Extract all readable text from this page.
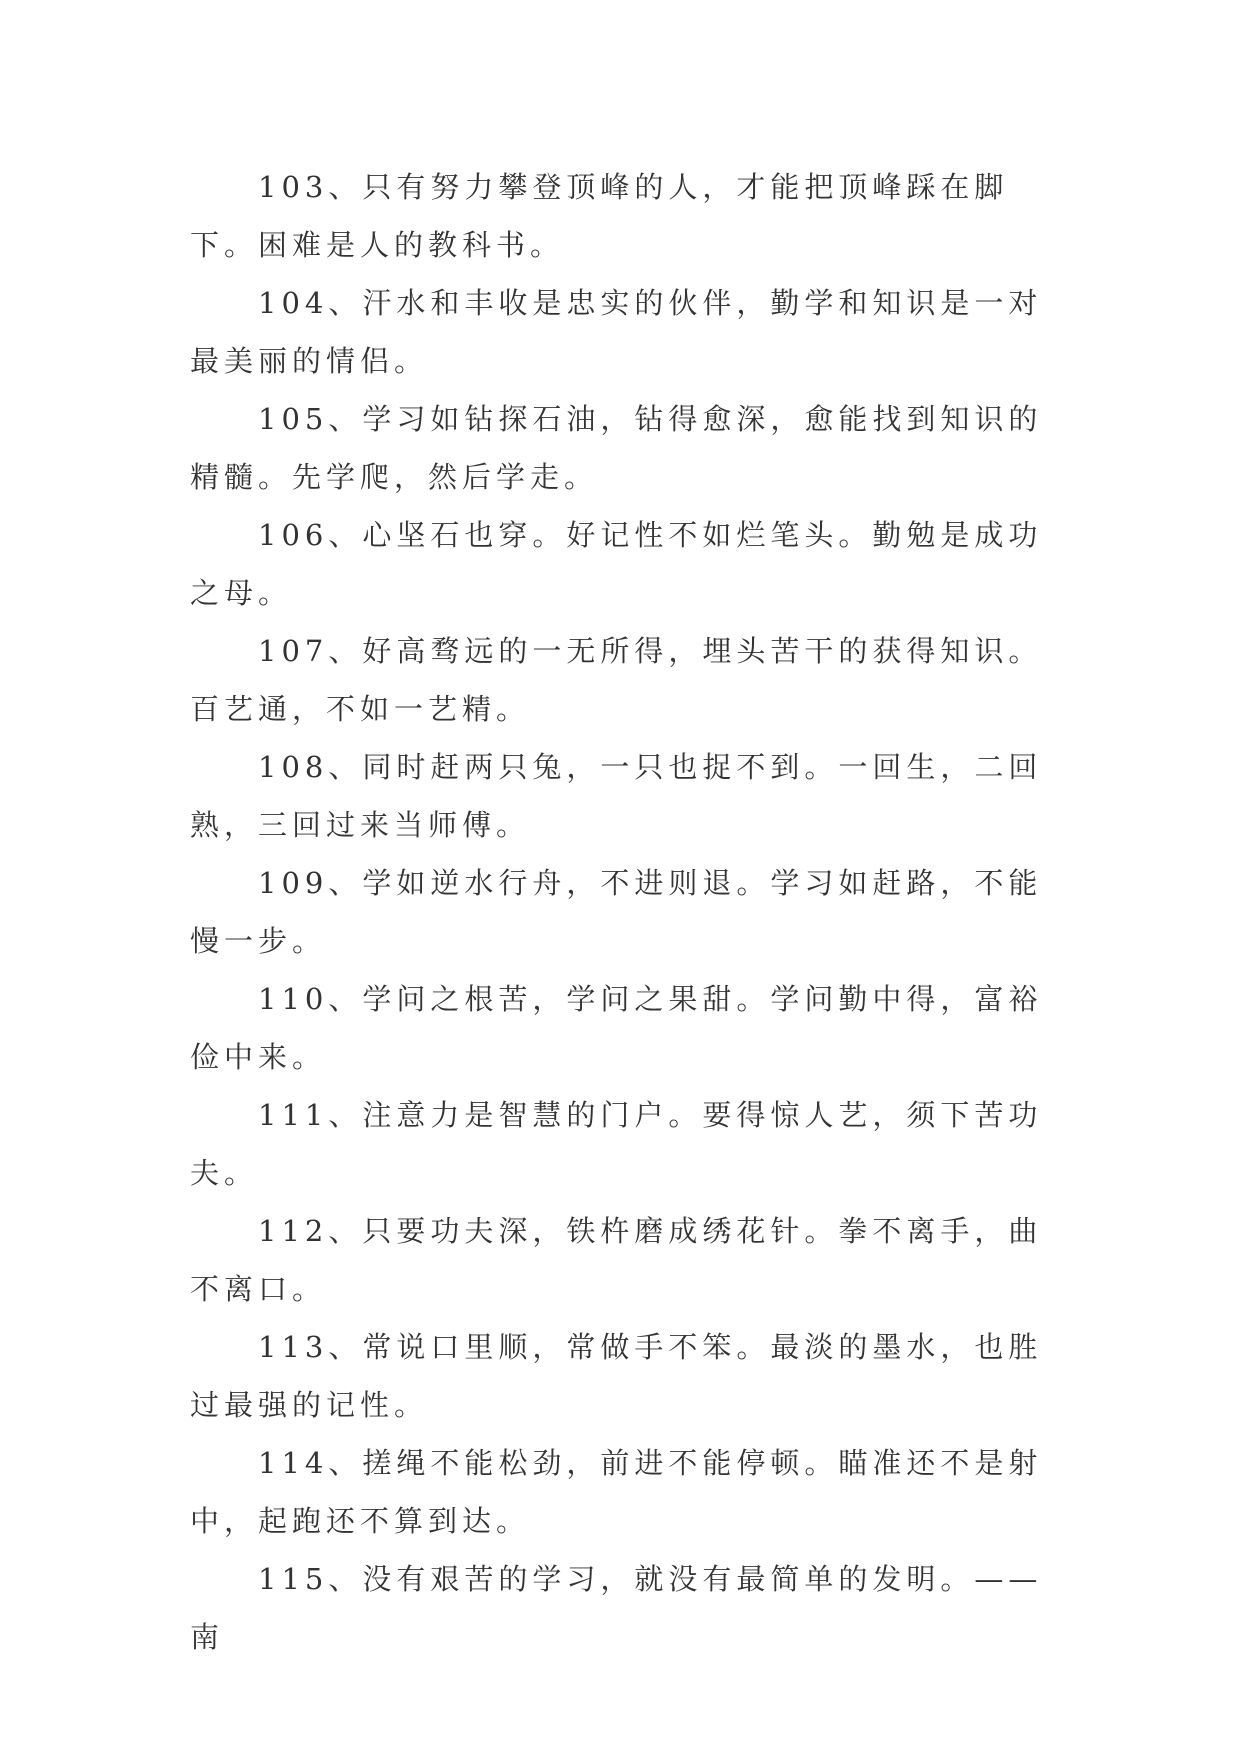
103、只有努力攀登顶峰的人，才能把顶峰踩在脚下。困难是人的教科书。

104、汗水和丰收是忠实的伙伴，勤学和知识是一对最美丽的情侣。

105、学习如钻探石油，钻得愈深，愈能找到知识的精髓。先学爬，然后学走。

106、心坚石也穿。好记性不如烂笔头。勤勉是成功之母。

107、好高骛远的一无所得，埋头苦干的获得知识。百艺通，不如一艺精。

108、同时赶两只兔，一只也捉不到。一回生，二回熟，三回过来当师傅。

109、学如逆水行舟，不进则退。学习如赶路，不能慢一步。

110、学问之根苦，学问之果甜。学问勤中得，富裕俭中来。

111、注意力是智慧的门户。要得惊人艺，须下苦功夫。

112、只要功夫深，铁杵磨成绣花针。拳不离手，曲不离口。

113、常说口里顺，常做手不笨。最淡的墨水，也胜过最强的记性。

114、搓绳不能松劲，前进不能停顿。瞄准还不是射中，起跑还不算到达。

115、没有艰苦的学习，就没有最简单的发明。——南
